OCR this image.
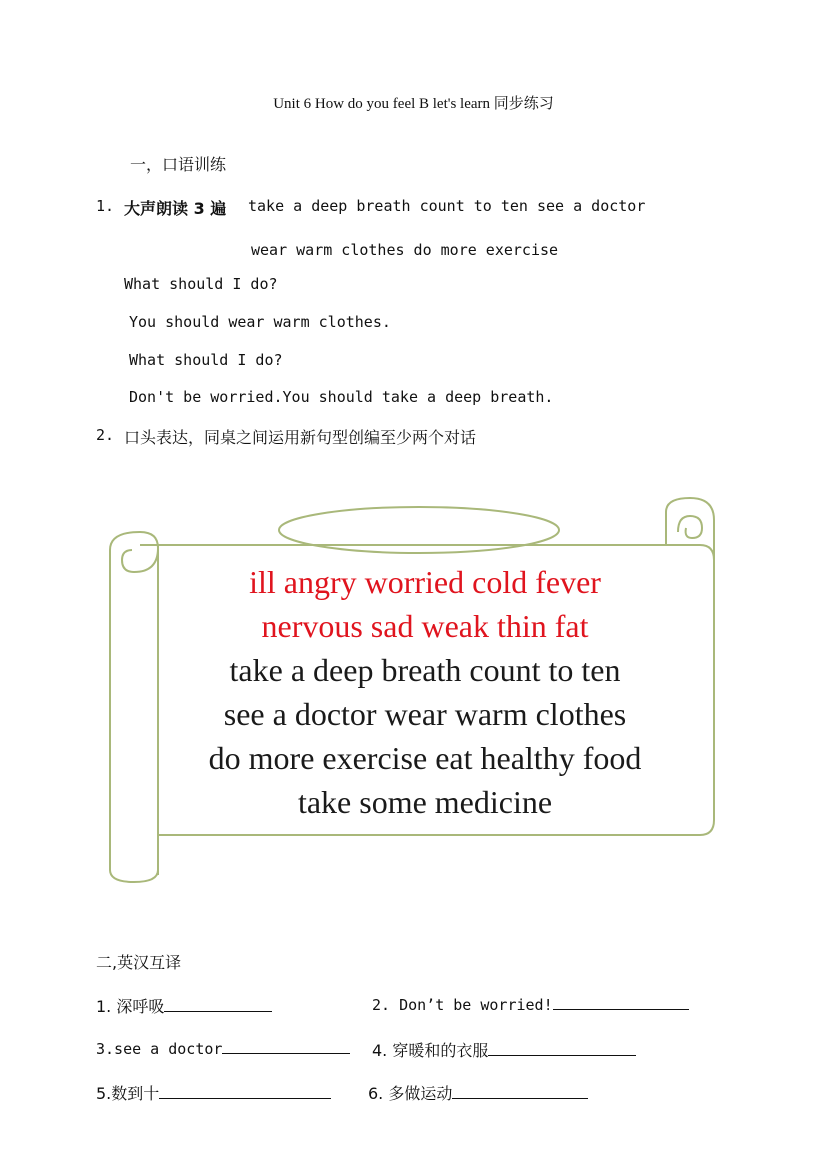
Unit 6 How do you feel B let's learn 同步练习
一，口语训练
1. 大声朗读 3 遍 take a deep breath count to ten see a doctor
wear warm clothes do more exercise
What should I do?
You should wear warm clothes.
What should I do?
Don't be worried.You should take a deep breath.
2. 口头表达，同桌之间运用新句型创编至少两个对话
ill angry worried cold fever
nervous sad weak thin fat
take a deep breath count to ten
see a doctor wear warm clothes
do more exercise eat healthy food
take some medicine
二,英汉互译
1. 深呼吸	2. Don’t be worried!
3.see a doctor	4. 穿暖和的衣服
5.数到十	6. 多做运动
